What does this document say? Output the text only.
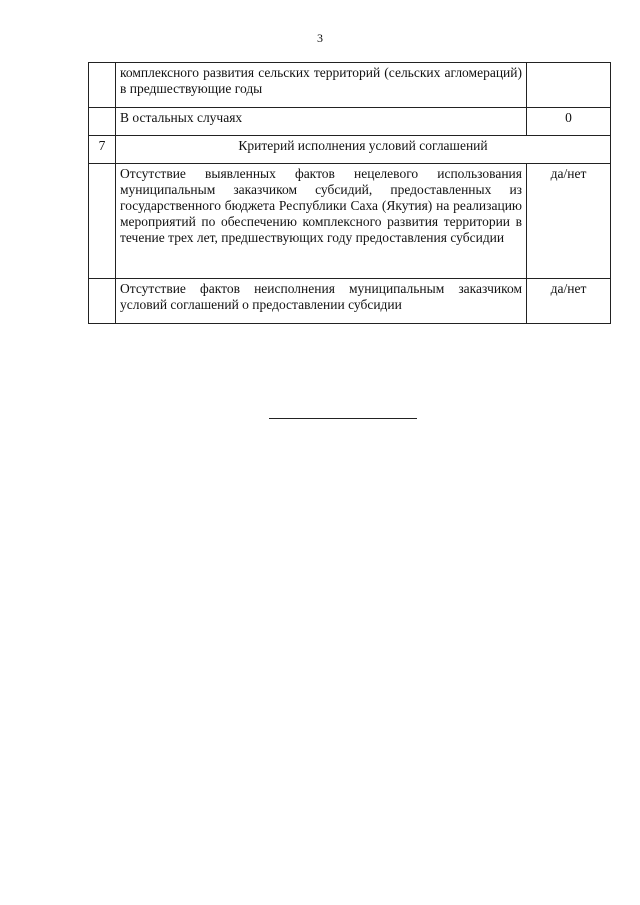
3
	комплексного развития сельских территорий (сельских агломераций) в предшествующие годы	
	В остальных случаях	0
7	Критерий исполнения условий соглашений	
	Отсутствие выявленных фактов нецелевого использования муниципальным заказчиком субсидий, предоставленных из государственного бюджета Республики Саха (Якутия) на реализацию мероприятий по обеспечению комплексного развития территории в течение трех лет, предшествующих году предоставления субсидии	да/нет
	Отсутствие фактов неисполнения муниципальным заказчиком условий соглашений о предоставлении субсидии	да/нет
